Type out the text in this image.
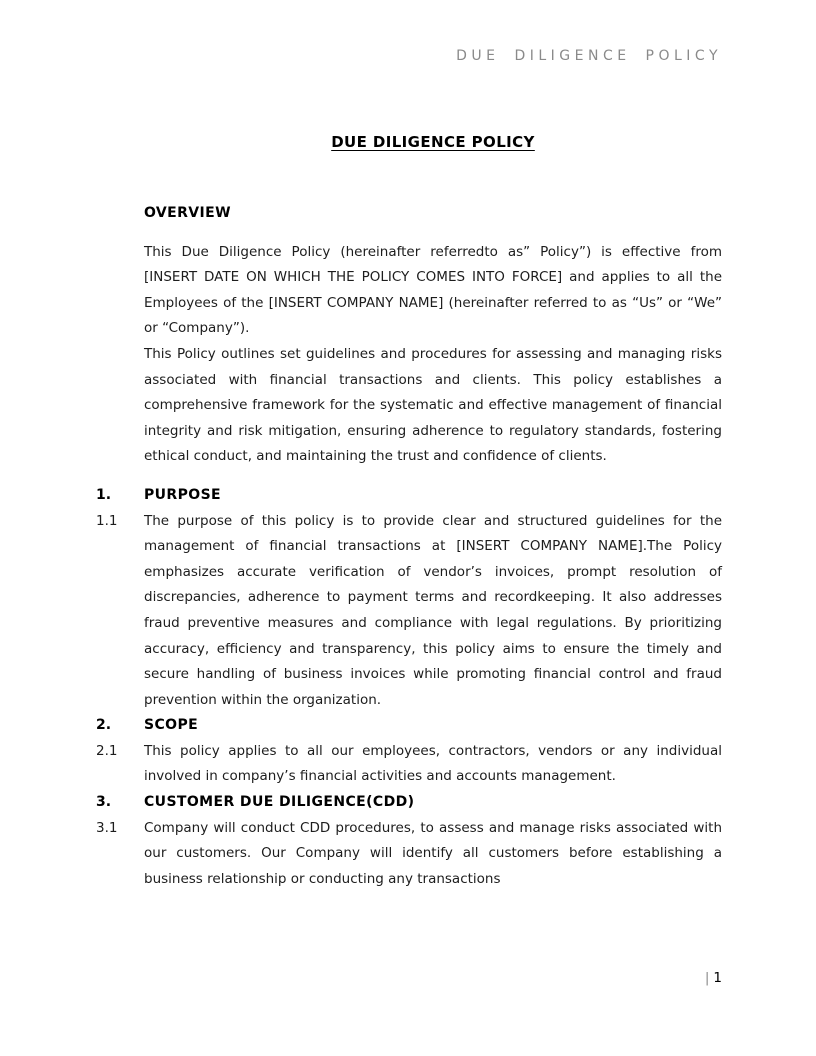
DUE DILIGENCE POLICY
DUE DILIGENCE POLICY
OVERVIEW

This Due Diligence Policy (hereinafter referredto as” Policy”) is effective from [INSERT DATE ON WHICH THE POLICY COMES INTO FORCE] and applies to all the Employees of the [INSERT COMPANY NAME] (hereinafter referred to as “Us” or “We” or “Company”).

This Policy outlines set guidelines and procedures for assessing and managing risks associated with financial transactions and clients. This policy establishes a comprehensive framework for the systematic and effective management of financial integrity and risk mitigation, ensuring adherence to regulatory standards, fostering ethical conduct, and maintaining the trust and confidence of clients.

1.	PURPOSE
1.1	The purpose of this policy is to provide clear and structured guidelines for the management of financial transactions at [INSERT COMPANY NAME].The Policy emphasizes accurate verification of vendor’s invoices, prompt resolution of discrepancies, adherence to payment terms and recordkeeping. It also addresses fraud preventive measures and compliance with legal regulations. By prioritizing accuracy, efficiency and transparency, this policy aims to ensure the timely and secure handling of business invoices while promoting financial control and fraud prevention within the organization.

2.	SCOPE
2.1	This policy applies to all our employees, contractors, vendors or any individual involved in company’s financial activities and accounts management.

3.	CUSTOMER DUE DILIGENCE(CDD)
3.1	Company will conduct CDD procedures, to assess and manage risks associated with our customers. Our Company will identify all customers before establishing a business relationship or conducting any transactions

| 1
